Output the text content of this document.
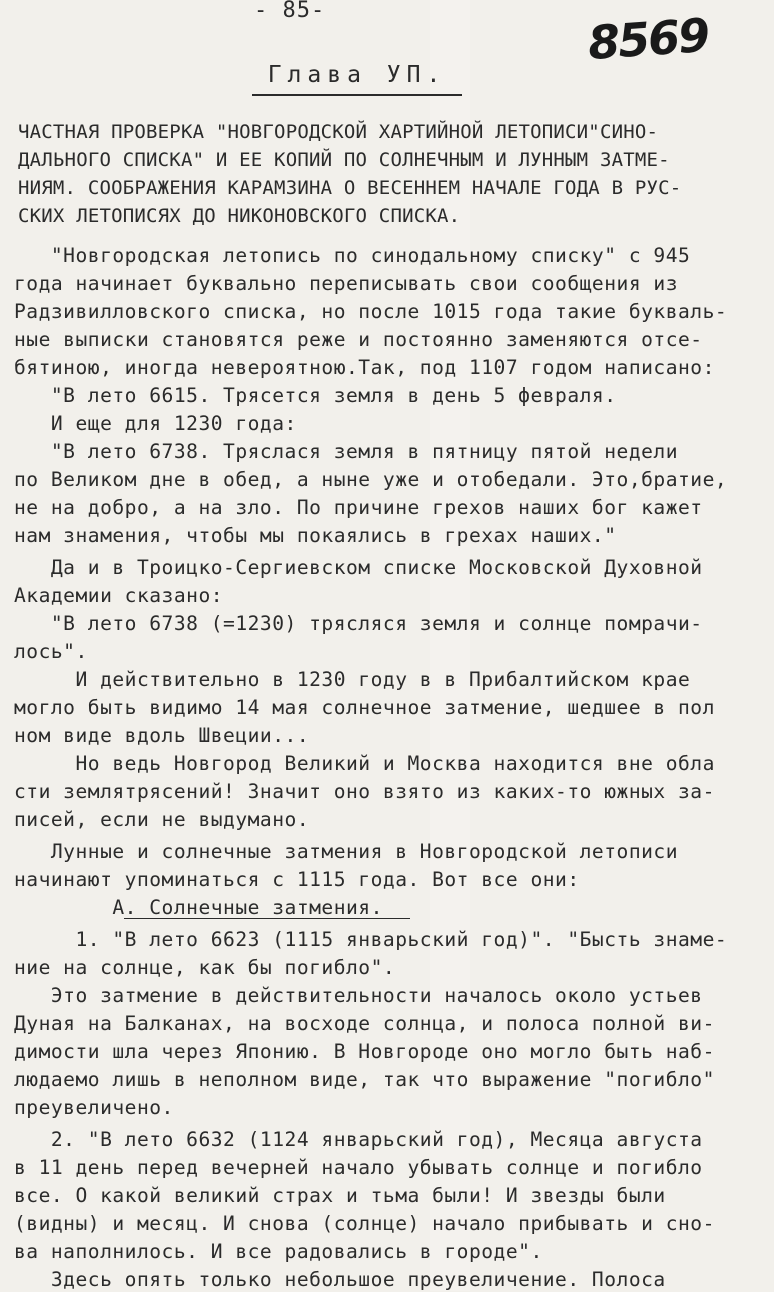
- 85-	8569
Глава УП.
ЧАСТНАЯ ПРОВЕРКА "НОВГОРОДСКОЙ ХАРТИЙНОЙ ЛЕТОПИСИ"СИНО-
ДАЛЬНОГО СПИСКА" И ЕЕ КОПИЙ ПО СОЛНЕЧНЫМ И ЛУННЫМ ЗАТМЕ-
НИЯМ. СООБРАЖЕНИЯ КАРАМЗИНА О ВЕСЕННЕМ НАЧАЛЕ ГОДА В РУС-
СКИХ ЛЕТОПИСЯХ ДО НИКОНОВСКОГО СПИСКА.
"Новгородская летопись по синодальному списку" с 945
года начинает буквально переписывать свои сообщения из
Радзивилловского списка, но после 1015 года такие букваль-
ные выписки становятся реже и постоянно заменяются отсе-
бятиною, иногда невероятною.Так, под 1107 годом написано:
"В лето 6615. Трясется земля в день 5 февраля.
И еще для 1230 года:
"В лето 6738. Тряслася земля в пятницу пятой недели
по Великом дне в обед, а ныне уже и отобедали. Это,братие,
не на добро, а на зло. По причине грехов наших бог кажет
нам знамения, чтобы мы покаялись в грехах наших."
Да и в Троицко-Сергиевском списке Московской Духовной
Академии сказано:
"В лето 6738 (=1230) трясляся земля и солнце помрачи-
лось".
И действительно в 1230 году в в Прибалтийском крае
могло быть видимо 14 мая солнечное затмение, шедшее в пол
ном виде вдоль Швеции...
Но ведь Новгород Великий и Москва находится вне обла
сти землятрясений! Значит оно взято из каких-то южных за-
писей, если не выдумано.
Лунные и солнечные затмения в Новгородской летописи
начинают упоминаться с 1115 года. Вот все они:
А. Солнечные затмения.
1. "В лето 6623 (1115 январьский год)". "Бысть знаме-
ние на солнце, как бы погибло".
Это затмение в действительности началось около устьев
Дуная на Балканах, на восходе солнца, и полоса полной ви-
димости шла через Японию. В Новгороде оно могло быть наб-
людаемо лишь в неполном виде, так что выражение "погибло"
преувеличено.
2. "В лето 6632 (1124 январьский год), Месяца августа
в 11 день перед вечерней начало убывать солнце и погибло
все. О какой великий страх и тьма были! И звезды были
(видны) и месяц. И снова (солнце) начало прибывать и сно-
ва наполнилось. И все радовались в городе".
Здесь опять только небольшое преувеличение. Полоса
